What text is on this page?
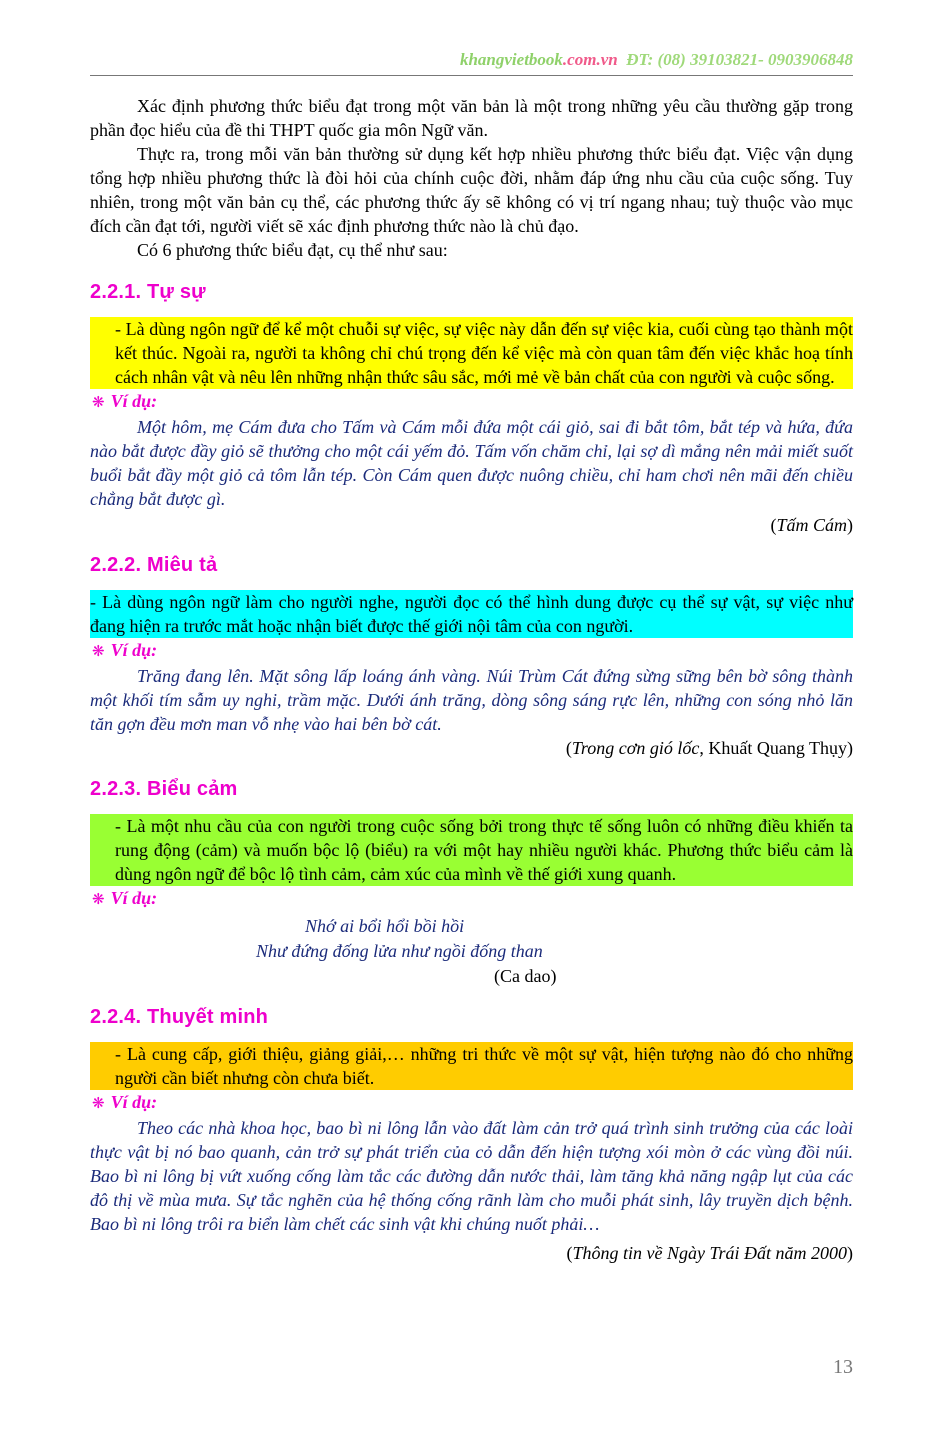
khangvietbook.com.vn ĐT: (08) 39103821- 0903906848

Xác định phương thức biểu đạt trong một văn bản là một trong những yêu cầu thường gặp trong phần đọc hiểu của đề thi THPT quốc gia môn Ngữ văn.

Thực ra, trong mỗi văn bản thường sử dụng kết hợp nhiều phương thức biểu đạt. Việc vận dụng tổng hợp nhiều phương thức là đòi hỏi của chính cuộc đời, nhằm đáp ứng nhu cầu của cuộc sống. Tuy nhiên, trong một văn bản cụ thể, các phương thức ấy sẽ không có vị trí ngang nhau; tuỳ thuộc vào mục đích cần đạt tới, người viết sẽ xác định phương thức nào là chủ đạo.

Có 6 phương thức biểu đạt, cụ thể như sau:

2.2.1. Tự sự

- Là dùng ngôn ngữ để kể một chuỗi sự việc, sự việc này dẫn đến sự việc kia, cuối cùng tạo thành một kết thúc. Ngoài ra, người ta không chỉ chú trọng đến kể việc mà còn quan tâm đến việc khắc hoạ tính cách nhân vật và nêu lên những nhận thức sâu sắc, mới mẻ về bản chất của con người và cuộc sống.

❋ Ví dụ:

Một hôm, mẹ Cám đưa cho Tấm và Cám mỗi đứa một cái giỏ, sai đi bắt tôm, bắt tép và hứa, đứa nào bắt được đầy giỏ sẽ thưởng cho một cái yếm đỏ. Tấm vốn chăm chỉ, lại sợ dì mắng nên mải miết suốt buổi bắt đầy một giỏ cả tôm lẫn tép. Còn Cám quen được nuông chiều, chỉ ham chơi nên mãi đến chiều chẳng bắt được gì.

(Tấm Cám)

2.2.2. Miêu tả

- Là dùng ngôn ngữ làm cho người nghe, người đọc có thể hình dung được cụ thể sự vật, sự việc như đang hiện ra trước mắt hoặc nhận biết được thế giới nội tâm của con người.

❋ Ví dụ:

Trăng đang lên. Mặt sông lấp loáng ánh vàng. Núi Trùm Cát đứng sừng sững bên bờ sông thành một khối tím sẫm uy nghi, trầm mặc. Dưới ánh trăng, dòng sông sáng rực lên, những con sóng nhỏ lăn tăn gợn đều mơn man vỗ nhẹ vào hai bên bờ cát.

(Trong cơn gió lốc, Khuất Quang Thụy)

2.2.3. Biểu cảm

- Là một nhu cầu của con người trong cuộc sống bởi trong thực tế sống luôn có những điều khiến ta rung động (cảm) và muốn bộc lộ (biểu) ra với một hay nhiều người khác. Phương thức biểu cảm là dùng ngôn ngữ để bộc lộ tình cảm, cảm xúc của mình về thế giới xung quanh.

❋ Ví dụ:

Nhớ ai bổi hổi bồi hồi

Như đứng đống lửa như ngồi đống than

(Ca dao)

2.2.4. Thuyết minh

- Là cung cấp, giới thiệu, giảng giải,… những tri thức về một sự vật, hiện tượng nào đó cho những người cần biết nhưng còn chưa biết.

❋ Ví dụ:

Theo các nhà khoa học, bao bì ni lông lẫn vào đất làm cản trở quá trình sinh trưởng của các loài thực vật bị nó bao quanh, cản trở sự phát triển của cỏ dẫn đến hiện tượng xói mòn ở các vùng đồi núi. Bao bì ni lông bị vứt xuống cống làm tắc các đường dẫn nước thải, làm tăng khả năng ngập lụt của các đô thị về mùa mưa. Sự tắc nghẽn của hệ thống cống rãnh làm cho muỗi phát sinh, lây truyền dịch bệnh. Bao bì ni lông trôi ra biển làm chết các sinh vật khi chúng nuốt phải…

(Thông tin về Ngày Trái Đất năm 2000)

13
